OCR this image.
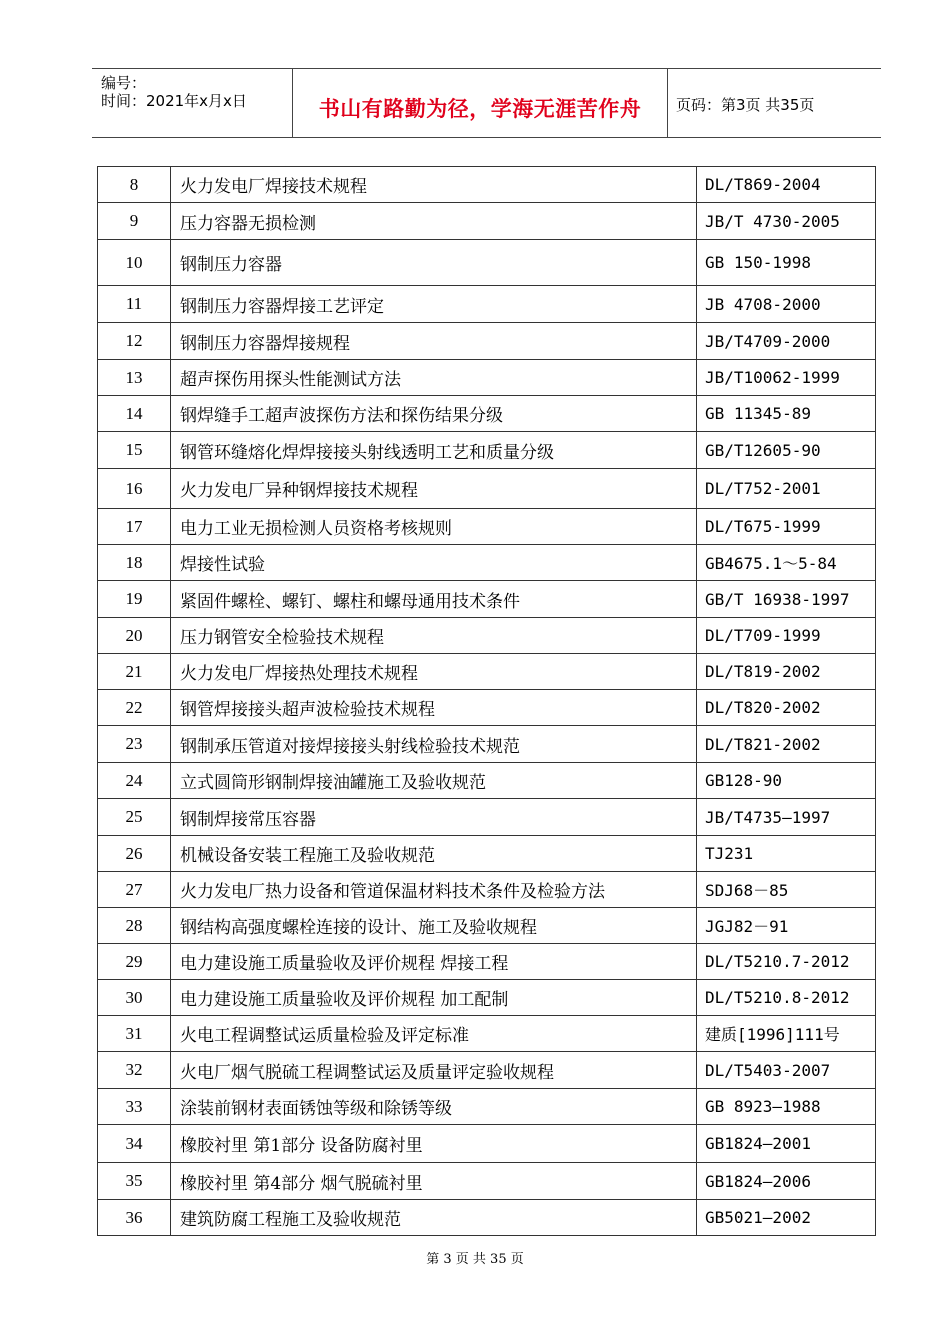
编号：
时间：2021年x月x日	书山有路勤为径，学海无涯苦作舟	页码：第3页 共35页
8	火力发电厂焊接技术规程	DL/T869-2004
9	压力容器无损检测	JB/T 4730-2005
10	钢制压力容器	GB 150-1998
11	钢制压力容器焊接工艺评定	JB 4708-2000
12	钢制压力容器焊接规程	JB/T4709-2000
13	超声探伤用探头性能测试方法	JB/T10062-1999
14	钢焊缝手工超声波探伤方法和探伤结果分级	GB 11345-89
15	钢管环缝熔化焊焊接接头射线透明工艺和质量分级	GB/T12605-90
16	火力发电厂异种钢焊接技术规程	DL/T752-2001
17	电力工业无损检测人员资格考核规则	DL/T675-1999
18	焊接性试验	GB4675.1～5-84
19	紧固件螺栓、螺钉、螺柱和螺母通用技术条件	GB/T 16938-1997
20	压力钢管安全检验技术规程	DL/T709-1999
21	火力发电厂焊接热处理技术规程	DL/T819-2002
22	钢管焊接接头超声波检验技术规程	DL/T820-2002
23	钢制承压管道对接焊接接头射线检验技术规范	DL/T821-2002
24	立式圆筒形钢制焊接油罐施工及验收规范	GB128-90
25	钢制焊接常压容器	JB/T4735—1997
26	机械设备安装工程施工及验收规范	TJ231
27	火力发电厂热力设备和管道保温材料技术条件及检验方法	SDJ68－85
28	钢结构高强度螺栓连接的设计、施工及验收规程	JGJ82－91
29	电力建设施工质量验收及评价规程 焊接工程	DL/T5210.7-2012
30	电力建设施工质量验收及评价规程 加工配制	DL/T5210.8-2012
31	火电工程调整试运质量检验及评定标准	建质[1996]111号
32	火电厂烟气脱硫工程调整试运及质量评定验收规程	DL/T5403-2007
33	涂装前钢材表面锈蚀等级和除锈等级	GB 8923—1988
34	橡胶衬里 第1部分 设备防腐衬里	GB1824—2001
35	橡胶衬里 第4部分 烟气脱硫衬里	GB1824—2006
36	建筑防腐工程施工及验收规范	GB5021—2002
第 3 页 共 35 页
